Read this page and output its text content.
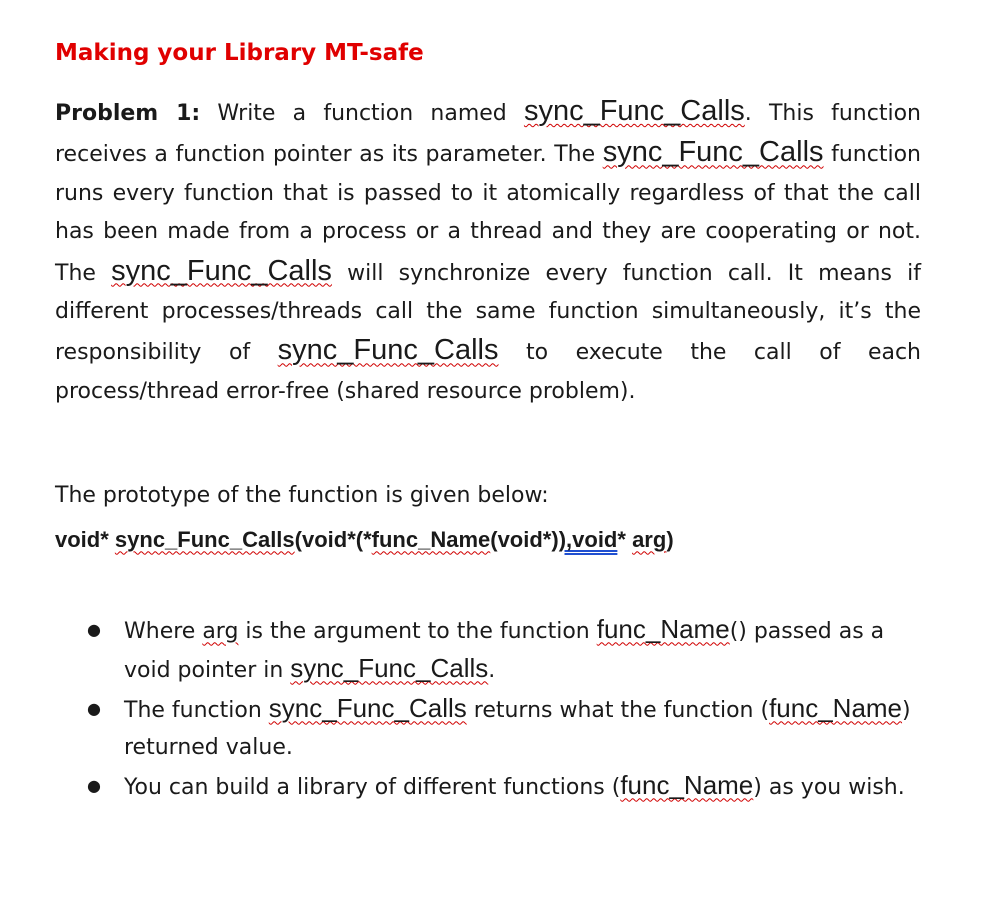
Making your Library MT-safe

Problem 1: Write a function named sync_Func_Calls. This function receives a function pointer as its parameter. The sync_Func_Calls function runs every function that is passed to it atomically regardless of that the call has been made from a process or a thread and they are cooperating or not. The sync_Func_Calls will synchronize every function call. It means if different processes/threads call the same function simultaneously, it’s the responsibility of sync_Func_Calls to execute the call of each process/thread error-free (shared resource problem).

The prototype of the function is given below:
void* sync_Func_Calls(void*(*func_Name(void*)),void* arg)
● Where arg is the argument to the function func_Name() passed as a void pointer in sync_Func_Calls.
● The function sync_Func_Calls returns what the function (func_Name) returned value.
● You can build a library of different functions (func_Name) as you wish.
